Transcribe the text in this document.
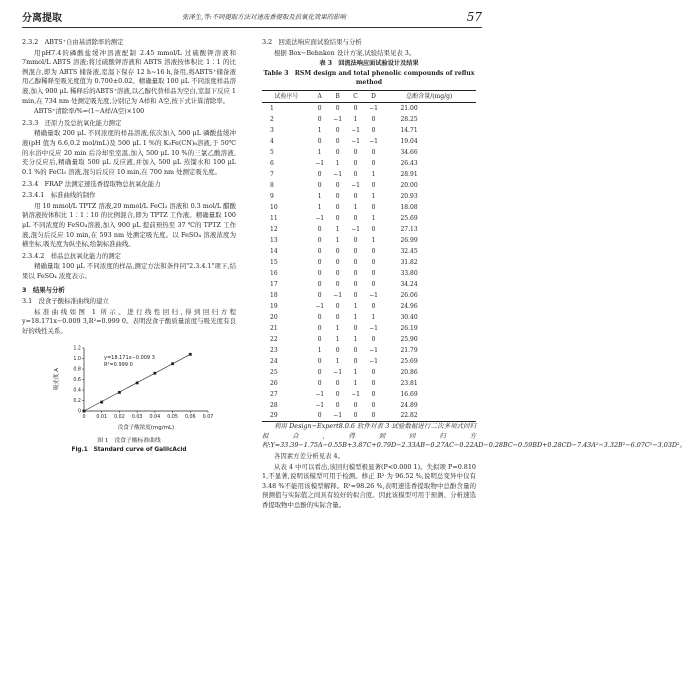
分离提取	张泽生,等:不同提取方法对速选香提取及抗氧化效果的影响	57
2.3.2　ABTS⁺自由基清除率的测定

用pH7.4的磷酸盐缓冲溶液配制 2.45 mmol/L 过硫酸钾溶液和7mmol/L ABTS 溶液;将过硫酸钾溶液和 ABTS 溶液按体积比 1∶1 的比例混合,即为 ABTS 储备液,室温下保存 12 h~16 h,备用,将ABTS⁺储备液用乙醇稀释至吸光度值为 0.700±0.02。精确量取 100 μL 不同浓度样品溶液,加入 900 μL 稀释后的ABTS⁺溶液,以乙醇代替样品为空白,室温下反应 1 min,在 734 nm 处测定吸光度,分别记为 A样和 A空,按下式计算清除率。

ABTS⁺清除率/%=(1−A样/A空)×100

2.3.3　还原力及总抗氧化能力测定

精确量取 200 μL 不同浓度的样品溶液,依次加入 500 μL 磷酸盐缓冲液(pH 值为 6.6,0.2 mol/mL)及 500 μL 1 %的 K₃Fe(CN)₆溶液,于 50℃的水浴中反应 20 min 后冷却至室温,加入 500 μL 10 %的三氯乙酸溶液,充分反应后,精确量取 500 μL 反应液,并加入 500 μL 蒸馏水和 100 μL 0.1 %的 FeCl₃ 溶液,混匀后反应 10 min,在 700 nm 处测定吸光度。

2.3.4　FRAP 法测定速选香提取物总抗氧化能力
2.3.4.1　标准曲线的制作

用 10 mmol/L TPTZ 溶液,20 mmol/L FeCl₃ 溶液和 0.3 mol/L 醋酸钠溶液按体积比 1∶1∶10 的比例混合,即为 TPTZ 工作液。精确量取 100 μL 不同浓度的 FeSO₄溶液,加入 900 μL 提前预热至 37 ℃的 TPTZ 工作液,混匀后反应 10 min,在 593 nm 处测定吸光度。以 FeSO₄ 溶液浓度为横坐标,吸光度为纵坐标,绘制标准曲线。

2.3.4.2　样品总抗氧化能力的测定

精确量取 100 μL 不同浓度的样品,测定方法和条件同"2.3.4.1"项下,结果以 FeSO₄ 浓度表示。

3　结果与分析
3.1　没食子酸标准曲线的建立

标准曲线如图 1 所示。进行线性回归,得到回归方程 y=18.171x−0.009 3,R²=0.999 0。表明没食子酸质量浓度与吸光度有良好的线性关系。

0 0.01 0.02 0.03 0.04 0.05 0.06 0.07
0
0.2
0.4
0.6
0.8
1.0
1.2
y=18.171x−0.009 3
R²=0.999 0
没食子酸浓度(mg/mL)
吸光度 A
图 1　没食子酸标准曲线
Fig.1　Standard curve of GallicAcid
3.2　回流法响应面试验结果与分析

根据 Box−Behnken 设计方案,试验结果见表 3。

表 3　回流法响应面试验设计及结果
Table 3　RSM design and total phenolic compounds of reflux method
试验序号	A	B	C	D	总酚含量/(mg/g)
1	0	0	0	−1	21.00
2	0	−1	1	0	28.25
3	1	0	−1	0	14.71
4	0	0	−1	−1	19.04
5	1	0	0	0	34.66
6	−1	1	0	0	26.43
7	0	−1	0	1	28.91
8	0	0	−1	0	20.00
9	1	0	0	1	20.93
10	1	0	1	0	18.08
11	−1	0	0	1	25.69
12	0	1	−1	0	27.13
13	0	1	0	1	26.99
14	0	0	0	0	32.45
15	0	0	0	0	31.82
16	0	0	0	0	33.80
17	0	0	0	0	34.24
18	0	−1	0	−1	26.06
19	−1	0	1	0	24.96
20	0	0	1	1	30.40
21	0	1	0	−1	26.19
22	0	1	1	0	25.90
23	1	0	0	−1	21.79
24	0	1	0	−1	25.69
25	0	−1	1	0	20.86
26	0	0	1	0	23.81
27	−1	0	−1	0	16.69
28	−1	0	0	0	24.89
29	0	−1	0	0	22.82

利用 Design−Expert8.0.6 软件对表 3 试验数据进行二次多项式回归拟合,得到回归方程:Y=33.39−1.75A−0.55B+3.87C+0.79D−2.33AB−0.27AC−0.22AD−0.28BC−0.59BD+0.28CD−7.43A²−3.32B²−6.07C²−3.03D²。

各因素方差分析见表 4。

从表 4 中可以看出,该回归模型极显著(P<0.000 1)。失拟项 P=0.810 1,不显著,说明该模型可用于检测。修正 R² 为 96.52 %,说明总变异中仅有 3.48 %不能用该模型解释。R²=98.26 %,表明速选香提取物中总酚含量的预测值与实际值之间具有较好的拟合度。因此该模型可用于预测、分析速选香提取物中总酚的实际含量。
